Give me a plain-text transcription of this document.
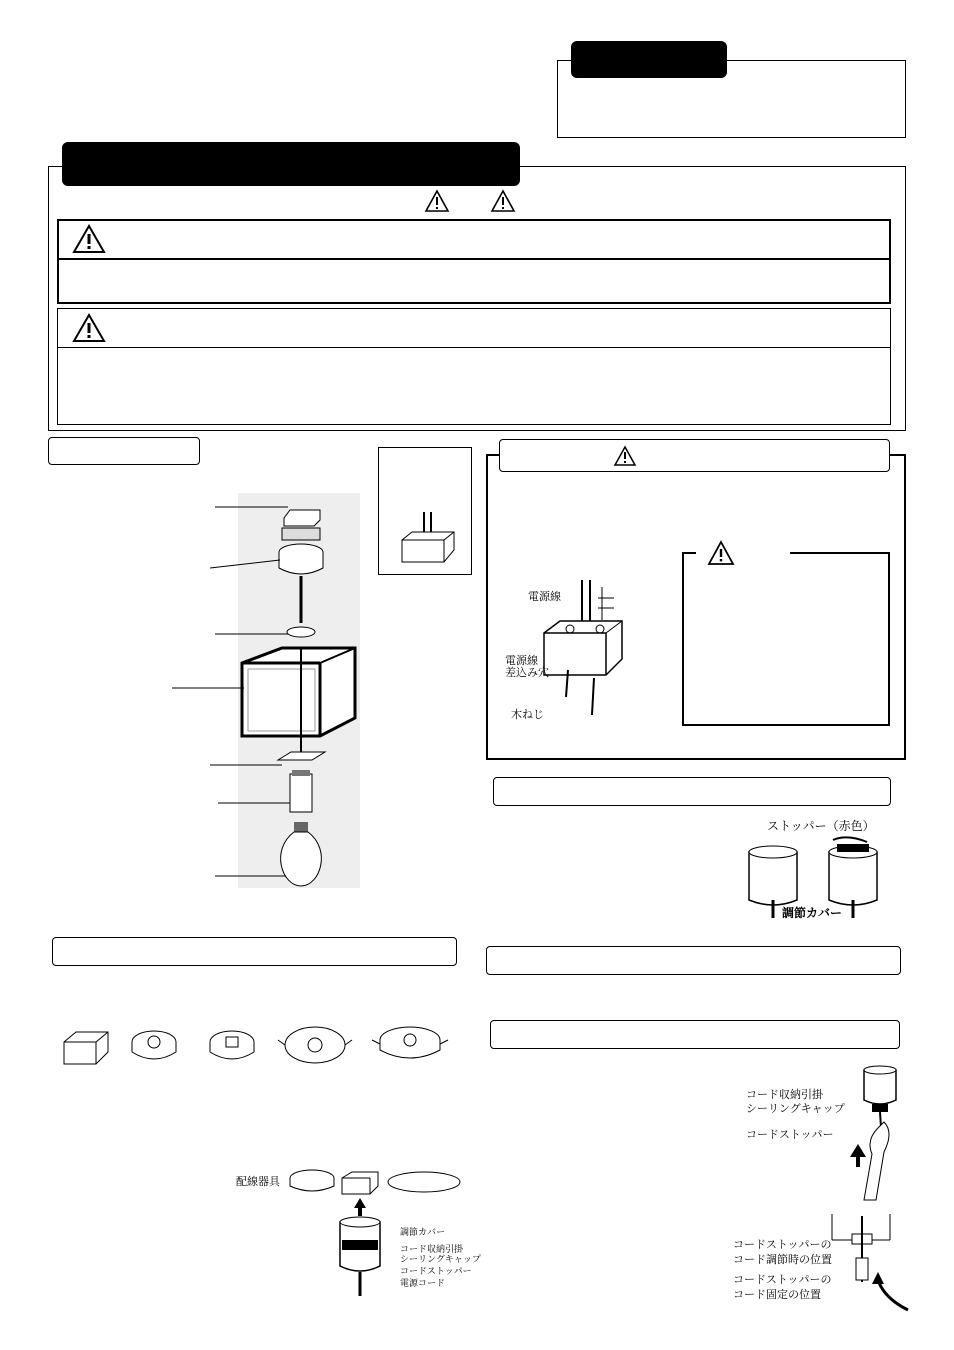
電源線
電源線
差込み穴
木ねじ
ストッパー（赤色）
調節カバー
コード収納引掛
シーリングキャップ
コードストッパー
コードストッパーの
コード調節時の位置
コードストッパーの
コード固定の位置
配線器具
調節カバー
コード収納引掛
シーリングキャップ
コードストッパー
電源コード
